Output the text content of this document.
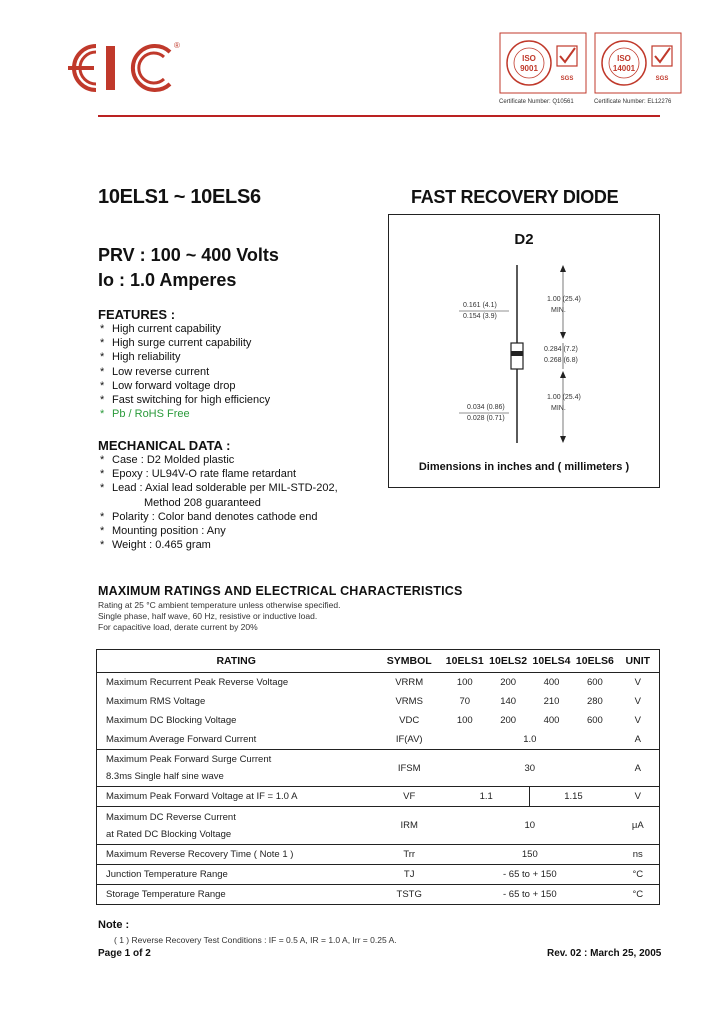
®
ISO
9001
SGS
Certificate Number: Q10561
ISO
14001
SGS
Certificate Number: EL12276
10ELS1 ~ 10ELS6	FAST RECOVERY DIODE
PRV : 100 ~ 400 Volts
Io : 1.0 Amperes
FEATURES :
* High current capability
* High surge current capability
* High reliability
* Low reverse current
* Low forward voltage drop
* Fast switching for high efficiency
* Pb / RoHS Free
MECHANICAL DATA :
* Case : D2 Molded plastic
* Epoxy : UL94V-O rate flame retardant
* Lead : Axial lead solderable per MIL-STD-202,
Method 208 guaranteed
* Polarity : Color band denotes cathode end
* Mounting position : Any
* Weight : 0.465 gram
D2
0.161 (4.1)
0.154 (3.9)
1.00 (25.4)
MIN.
0.284 (7.2)
0.268 (6.8)
1.00 (25.4)
MIN.
0.034 (0.86)
0.028 (0.71)
Dimensions in inches and ( millimeters )
MAXIMUM RATINGS AND ELECTRICAL CHARACTERISTICS
Rating at 25 °C ambient temperature unless otherwise specified.
Single phase, half wave, 60 Hz, resistive or inductive load.
For capacitive load, derate current by 20%
RATING	SYMBOL	10ELS1	10ELS2	10ELS4	10ELS6	UNIT
Maximum Recurrent Peak Reverse Voltage	VRRM	100	200	400	600	V
Maximum RMS Voltage	VRMS	70	140	210	280	V
Maximum DC Blocking Voltage	VDC	100	200	400	600	V
Maximum Average Forward Current	IF(AV)	1.0				A

Maximum Peak Forward Surge Current
8.3ms Single half sine wave	IFSM	30				A
Maximum Peak Forward Voltage at IF = 1.0 A	VF	1.1		1.15		V

Maximum DC Reverse Current
at Rated DC Blocking Voltage	IRM	10				μA
Maximum Reverse Recovery Time ( Note 1 )	Trr	150				ns
Junction Temperature Range	TJ	- 65 to + 150				°C
Storage Temperature Range	TSTG	- 65 to + 150				°C
Note :
( 1 ) Reverse Recovery Test Conditions : IF = 0.5 A, IR = 1.0 A, Irr = 0.25 A.
Page 1 of 2	Rev. 02 : March 25, 2005
